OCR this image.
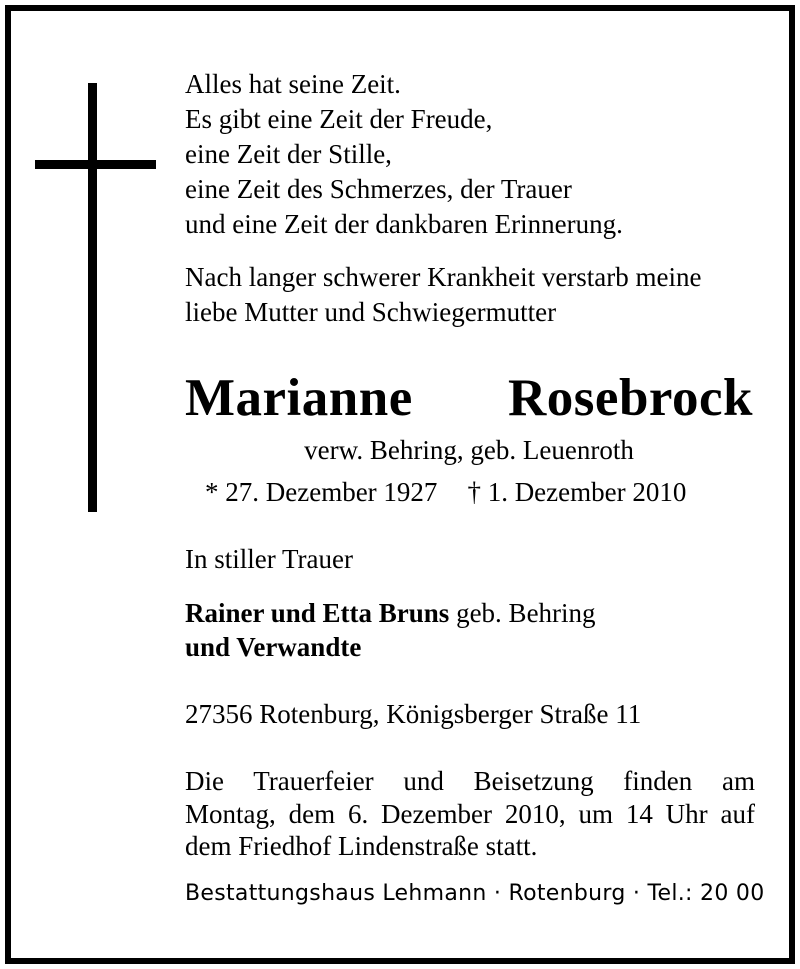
Alles hat seine Zeit.
Es gibt eine Zeit der Freude,
eine Zeit der Stille,
eine Zeit des Schmerzes, der Trauer
und eine Zeit der dankbaren Erinnerung.
Nach langer schwerer Krankheit verstarb meine
liebe Mutter und Schwiegermutter
Marianne Rosebrock
verw. Behring, geb. Leuenroth
* 27. Dezember 1927 † 1. Dezember 2010
In stiller Trauer
Rainer und Etta Bruns geb. Behring
und Verwandte
27356 Rotenburg, Königsberger Straße 11
Die Trauerfeier und Beisetzung finden am
Montag, dem 6. Dezember 2010, um 14 Uhr auf
dem Friedhof Lindenstraße statt.
Bestattungshaus Lehmann · Rotenburg · Tel.: 20 00
